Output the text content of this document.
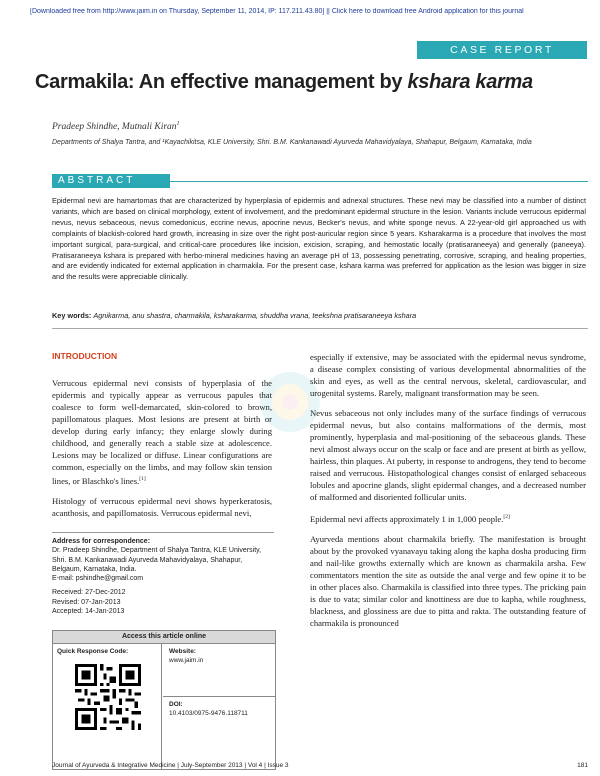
[Downloaded free from http://www.jaim.in on Thursday, September 11, 2014, IP: 117.211.43.80] || Click here to download free Android application for this journal
CASE REPORT
Carmakila: An effective management by kshara karma
Pradeep Shindhe, Mutnali Kiran$^1$
Departments of Shalya Tantra, and ¹Kayachikitsa, KLE University, Shri. B.M. Kankanawadi Ayurveda Mahavidyalaya, Shahapur, Belgaum, Karnataka, India
ABSTRACT
Epidermal nevi are hamartomas that are characterized by hyperplasia of epidermis and adnexal structures. These nevi may be classified into a number of distinct variants, which are based on clinical morphology, extent of involvement, and the predominant epidermal structure in the lesion. Variants include verrucous epidermal nevus, nevus sebaceous, nevus comedonicus, eccrine nevus, apocrine nevus, Becker's nevus, and white sponge nevus. A 22-year-old girl approached us with complaints of blackish-colored hard growth, increasing in size over the right post-auricular region since 5 years. Ksharakarma is a procedure that involves the most important surgical, para-surgical, and critical-care procedures like incision, excision, scraping, and hemostatic locally (pratisaraneeya) and generally (paneeya). Pratisaraneeya kshara is prepared with herbo-mineral medicines having an average pH of 13, possessing penetrating, corrosive, scraping, and healing properties, and are evidently indicated for external application in charmakila. For the present case, kshara karma was preferred for application as the lesion was bigger in size and the results were appreciable clinically.
Key words: Agnikarma, anu shastra, charmakila, ksharakarma, shuddha vrana, teekshna pratisaraneeya kshara
INTRODUCTION

Verrucous epidermal nevi consists of hyperplasia of the epidermis and typically appear as verrucous papules that coalesce to form well-demarcated, skin-colored to brown, papillomatous plaques. Most lesions are present at birth or develop during early infancy; they enlarge slowly during childhood, and generally reach a stable size at adolescence. Lesions may be localized or diffuse. Linear configurations are common, especially on the limbs, and may follow skin tension lines, or Blaschko's lines.[1]

Histology of verrucous epidermal nevi shows hyperkeratosis, acanthosis, and papillomatosis. Verrucous epidermal nevi,

especially if extensive, may be associated with the epidermal nevus syndrome, a disease complex consisting of various developmental abnormalities of the skin and eyes, as well as the central nervous, skeletal, cardiovascular, and urogenital systems. Rarely, malignant transformation may be seen.

Nevus sebaceous not only includes many of the surface findings of verrucous epidermal nevus, but also contains malformations of the dermis, most prominently, hyperplasia and mal-positioning of the sebaceous glands. These nevi almost always occur on the scalp or face and are present at birth as yellow, hairless, thin plaques. At puberty, in response to androgens, they tend to become raised and verrucous. Histopathological changes consist of enlarged sebaceous lobules and apocrine glands, slight epidermal changes, and a decreased number of malformed and disoriented follicular units.

Epidermal nevi affects approximately 1 in 1,000 people.[2]

Ayurveda mentions about charmakila briefly. The manifestation is brought about by the provoked vyanavayu taking along the kapha dosha producing firm and nail-like growths externally which are known as charmakila arsha. Few commentators mention the site as outside the anal verge and few opine it to be in other places also. Charmakila is classified into three types. The pricking pain is due to vata; similar color and knottiness are due to kapha, while roughness, blackness, and glossiness are due to pitta and rakta. The outstanding feature of charmakila is pronounced

Address for correspondence:
Dr. Pradeep Shindhe, Department of Shalya Tantra, KLE University,
Shri. B.M. Kankanawadi Ayurveda Mahavidyalaya, Shahapur,
Belgaum, Karnataka, India.
E-mail: pshindhe@gmail.com
Received: 27-Dec-2012
Revised: 07-Jan-2013
Accepted: 14-Jan-2013
Access this article online
Quick Response Code:	Website:
www.jaim.in
DOI:
10.4103/0975-9476.118711
Journal of Ayurveda & Integrative Medicine | July-September 2013 | Vol 4 | Issue 3	181
